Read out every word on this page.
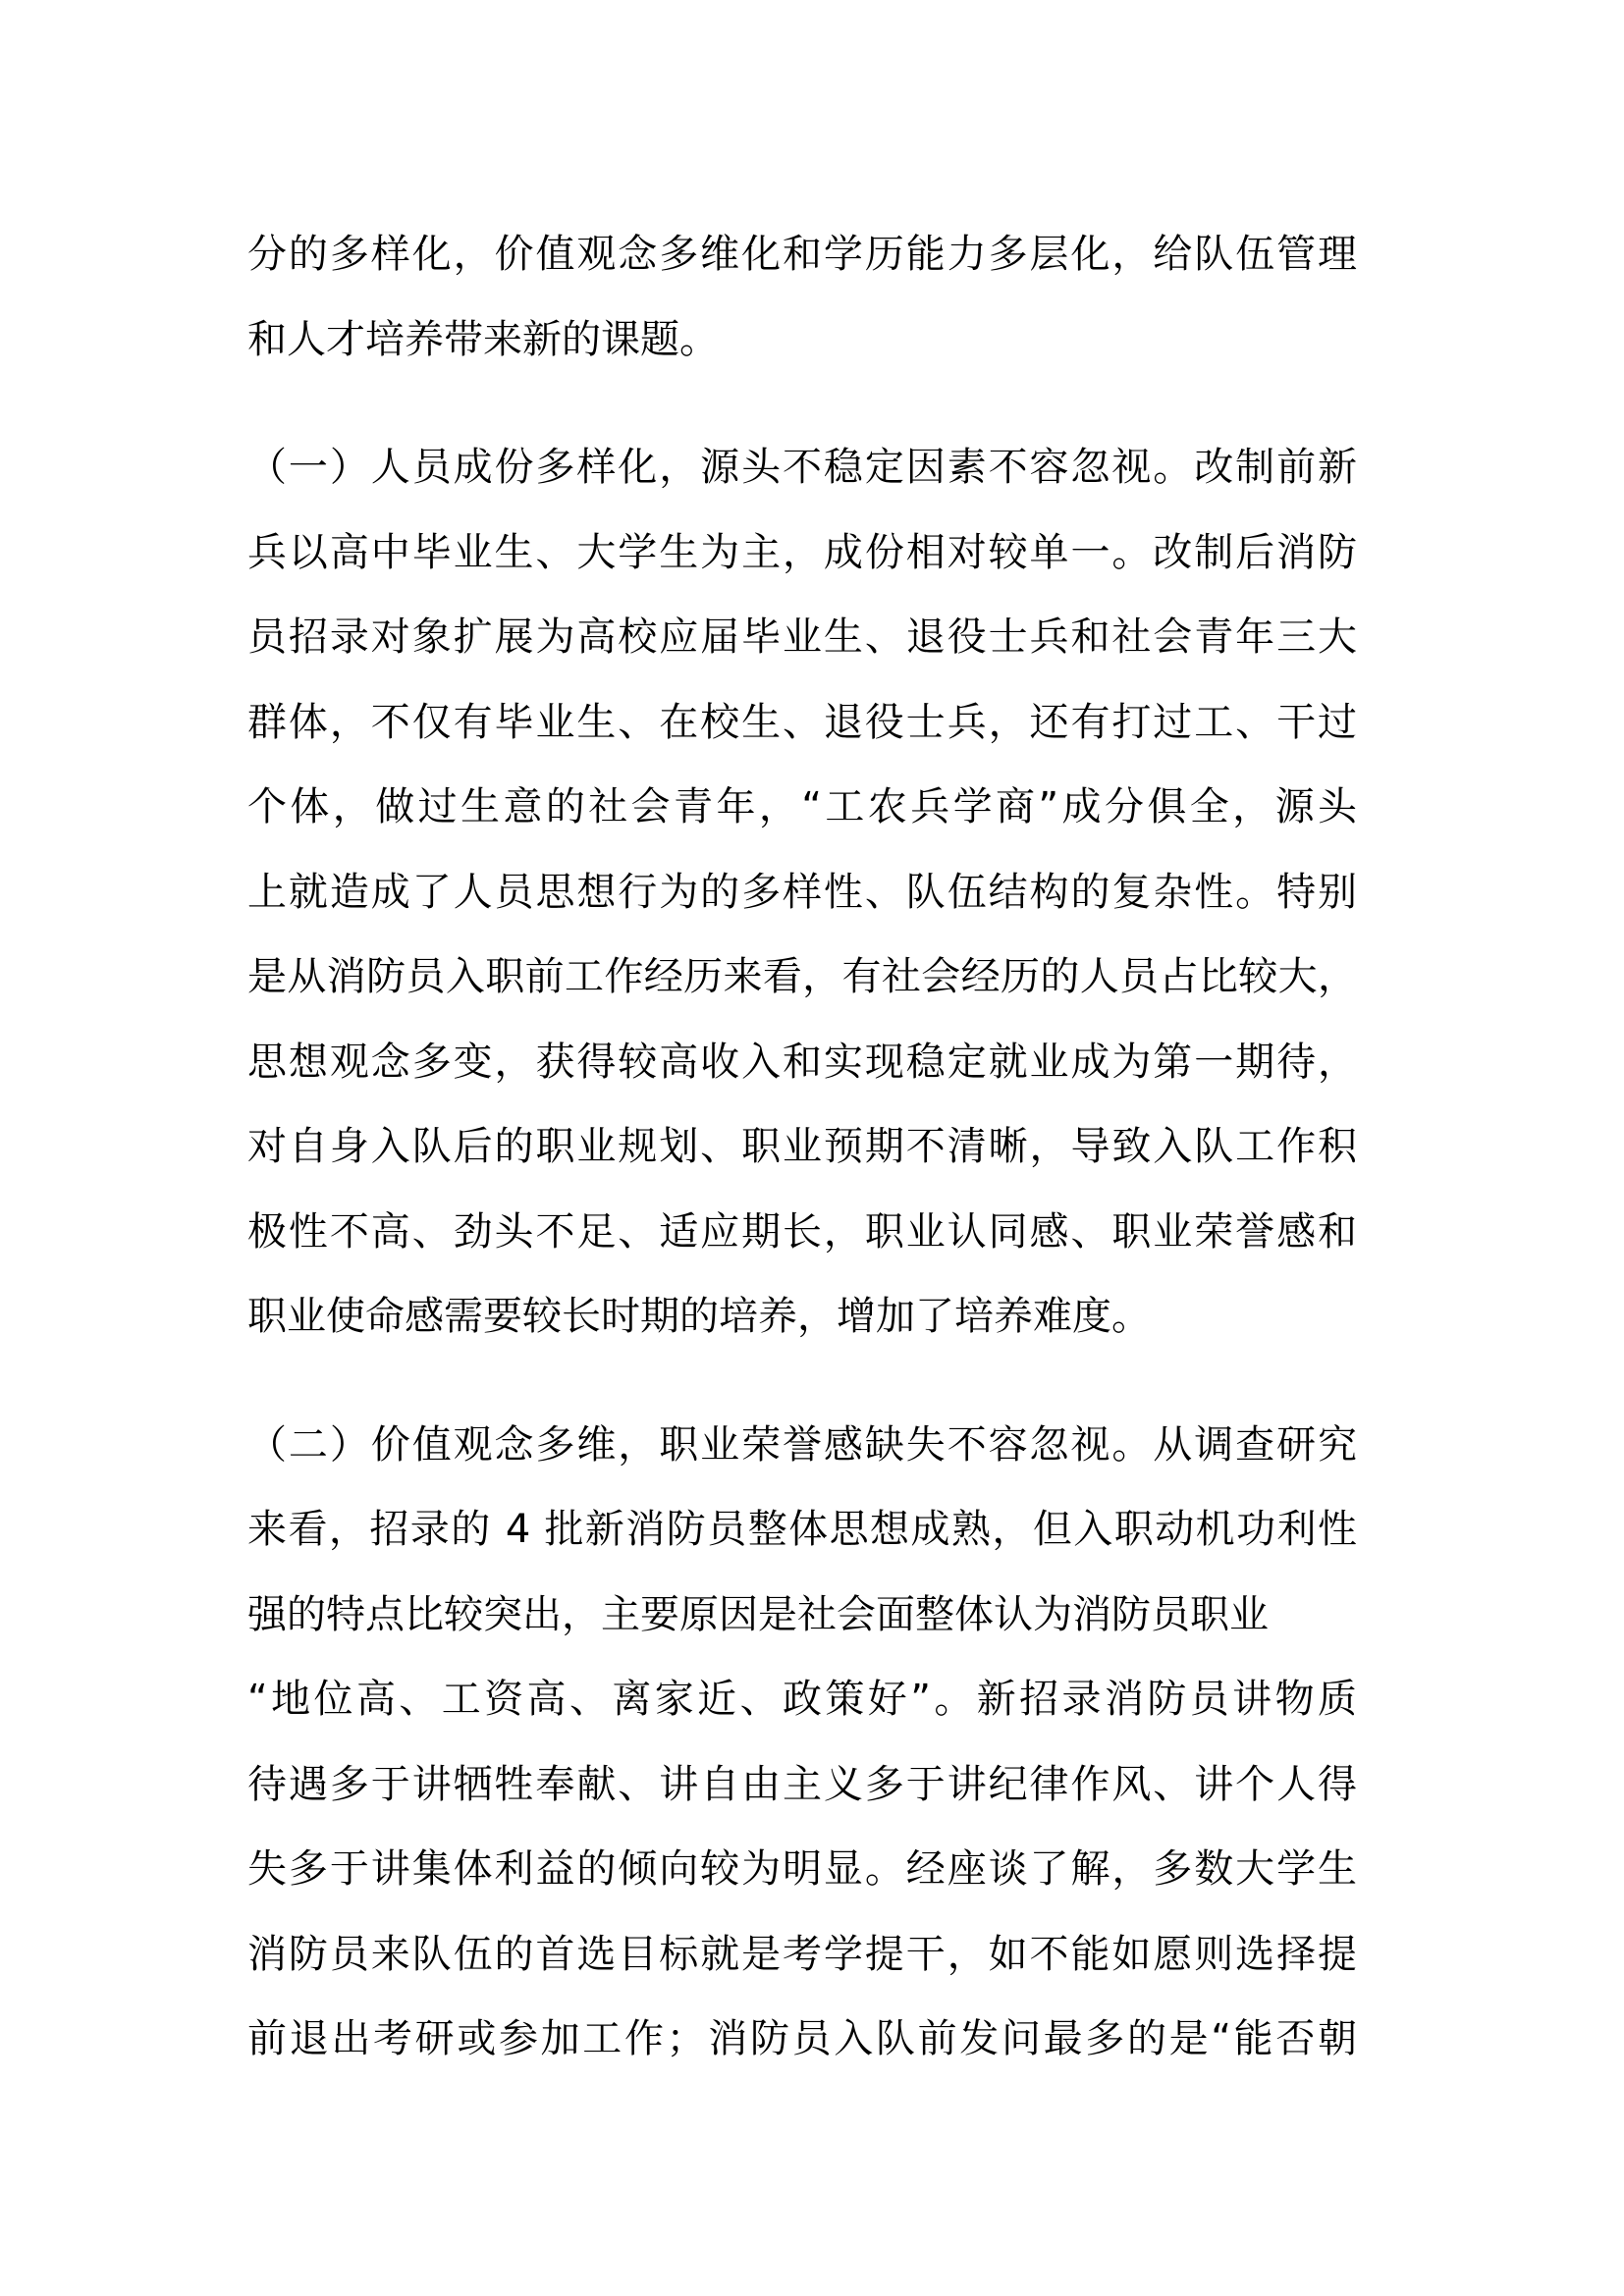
分的多样化，价值观念多维化和学历能力多层化，给队伍管理
和人才培养带来新的课题。
（一）人员成份多样化，源头不稳定因素不容忽视。改制前新
兵以高中毕业生、大学生为主，成份相对较单一。改制后消防
员招录对象扩展为高校应届毕业生、退役士兵和社会青年三大
群体，不仅有毕业生、在校生、退役士兵，还有打过工、干过
个体，做过生意的社会青年，“工农兵学商”成分俱全，源头
上就造成了人员思想行为的多样性、队伍结构的复杂性。特别
是从消防员入职前工作经历来看，有社会经历的人员占比较大，
思想观念多变，获得较高收入和实现稳定就业成为第一期待，
对自身入队后的职业规划、职业预期不清晰，导致入队工作积
极性不高、劲头不足、适应期长，职业认同感、职业荣誉感和
职业使命感需要较长时期的培养，增加了培养难度。
（二）价值观念多维，职业荣誉感缺失不容忽视。从调查研究
来看，招录的 4 批新消防员整体思想成熟，但入职动机功利性
强的特点比较突出，主要原因是社会面整体认为消防员职业
“地位高、工资高、离家近、政策好”。新招录消防员讲物质
待遇多于讲牺牲奉献、讲自由主义多于讲纪律作风、讲个人得
失多于讲集体利益的倾向较为明显。经座谈了解，多数大学生
消防员来队伍的首选目标就是考学提干，如不能如愿则选择提
前退出考研或参加工作；消防员入队前发问最多的是“能否朝
